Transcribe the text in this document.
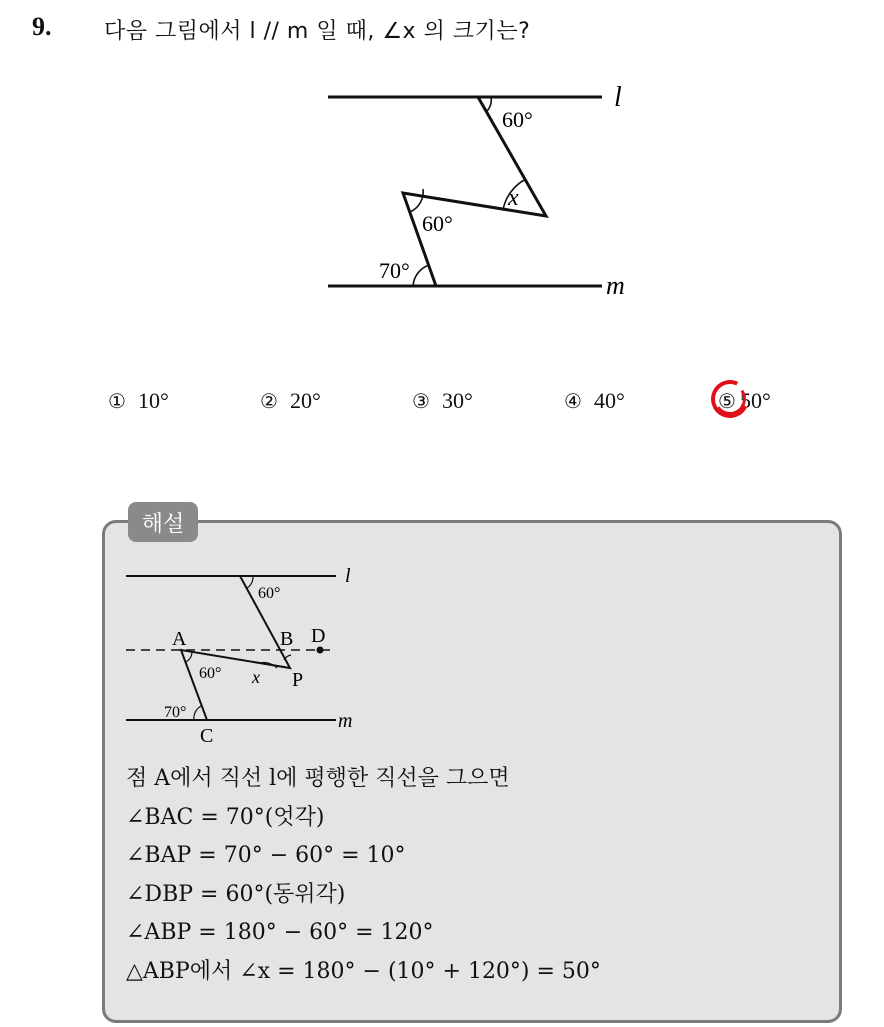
9. 다음 그림에서 l // m 일 때, ∠x 의 크기는?
l
m
60°
x
60°
70°
① 10°	② 20°	③ 30°	④ 40°	⑤ 50°
해설
l
m
60°
A	B D
60° x P
70°
C
점 A에서 직선 l에 평행한 직선을 그으면
∠BAC = 70°(엇각)
∠BAP = 70° − 60° = 10°
∠DBP = 60°(동위각)
∠ABP = 180° − 60° = 120°
△ABP에서 ∠x = 180° − (10° + 120°) = 50°
